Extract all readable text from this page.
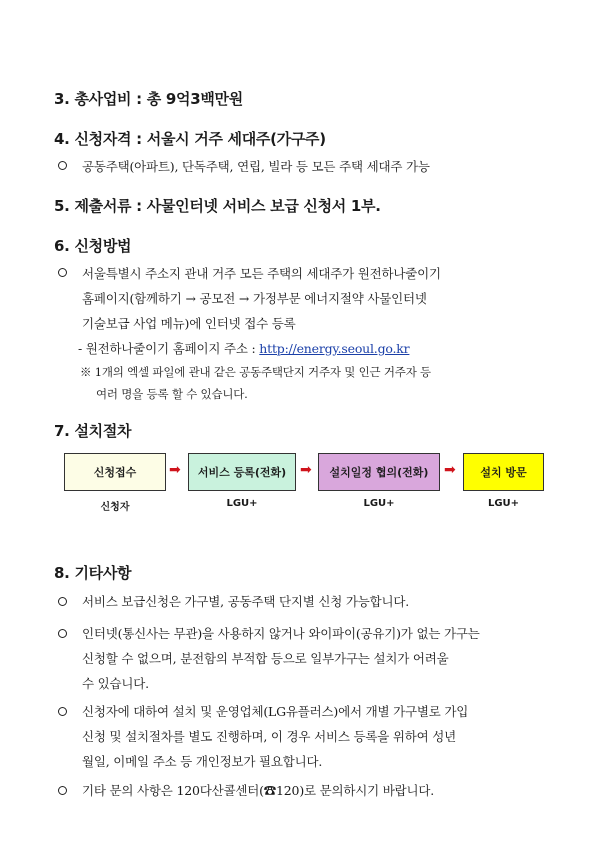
3. 총사업비 : 총 9억3백만원
4. 신청자격 : 서울시 거주 세대주(가구주)
공동주택(아파트), 단독주택, 연립, 빌라 등 모든 주택 세대주 가능
5. 제출서류 : 사물인터넷 서비스 보급 신청서 1부.
6. 신청방법
서울특별시 주소지 관내 거주 모든 주택의 세대주가 원전하나줄이기
홈페이지(함께하기 → 공모전 → 가정부문 에너지절약 사물인터넷
기술보급 사업 메뉴)에 인터넷 접수 등록
- 원전하나줄이기 홈페이지 주소 : http://energy.seoul.go.kr
※ 1개의 엑셀 파일에 관내 같은 공동주택단지 거주자 및 인근 거주자 등
여러 명을 등록 할 수 있습니다.
7. 설치절차
신청접수 ➡ 서비스 등록(전화) ➡ 설치일정 협의(전화) ➡ 설치 방문
신청자	LGU+	LGU+	LGU+
8. 기타사항
서비스 보급신청은 가구별, 공동주택 단지별 신청 가능합니다.
인터넷(통신사는 무관)을 사용하지 않거나 와이파이(공유기)가 없는 가구는
신청할 수 없으며, 분전함의 부적합 등으로 일부가구는 설치가 어려울
수 있습니다.
신청자에 대하여 설치 및 운영업체(LG유플러스)에서 개별 가구별로 가입
신청 및 설치절차를 별도 진행하며, 이 경우 서비스 등록을 위하여 성년
월일, 이메일 주소 등 개인정보가 필요합니다.
기타 문의 사항은 120다산콜센터(☎120)로 문의하시기 바랍니다.
